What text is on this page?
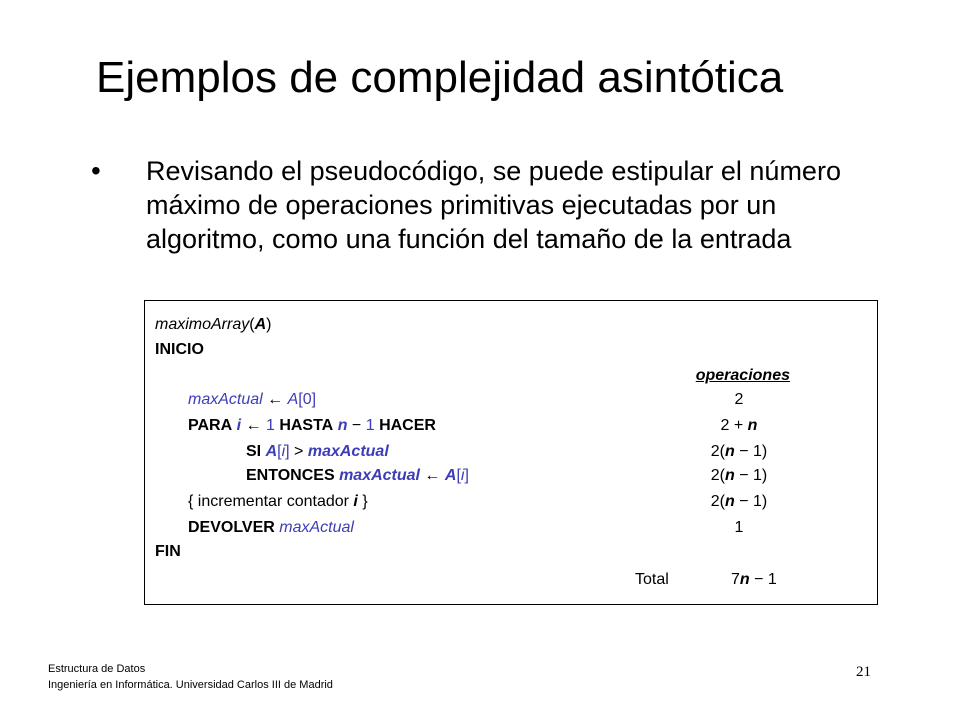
Ejemplos de complejidad asintótica
• Revisando el pseudocódigo, se puede estipular el número máximo de operaciones primitivas ejecutadas por un algoritmo, como una función del tamaño de la entrada
maximoArray(A)
INICIO
operaciones
maxActual ← A[0]	2
PARA i ← 1 HASTA n − 1 HACER	2 + n
SI A[i] > maxActual	2(n − 1)
ENTONCES maxActual ← A[i]	2(n − 1)
{ incrementar contador i }	2(n − 1)
DEVOLVER maxActual	1
FIN
Total	7n − 1
Estructura de Datos
Ingeniería en Informática. Universidad Carlos III de Madrid
21
